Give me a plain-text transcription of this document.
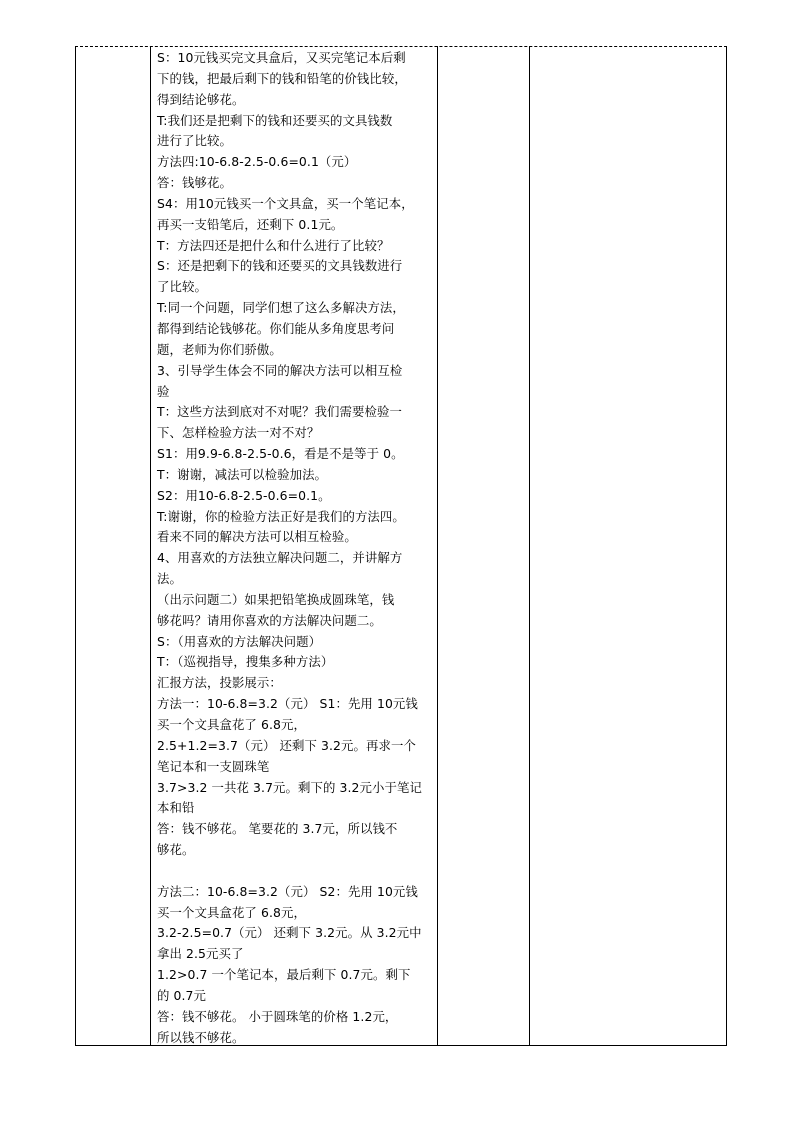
S：10元钱买完文具盒后，又买完笔记本后剩

下的钱，把最后剩下的钱和铅笔的价钱比较，

得到结论够花。

T:我们还是把剩下的钱和还要买的文具钱数

进行了比较。

方法四:10-6.8-2.5-0.6=0.1（元）

答：钱够花。

S4：用10元钱买一个文具盒，买一个笔记本，

再买一支铅笔后，还剩下 0.1元。

T：方法四还是把什么和什么进行了比较？

S：还是把剩下的钱和还要买的文具钱数进行

了比较。

T:同一个问题，同学们想了这么多解决方法，

都得到结论钱够花。你们能从多角度思考问

题，老师为你们骄傲。

3、引导学生体会不同的解决方法可以相互检

验

T：这些方法到底对不对呢？我们需要检验一

下、怎样检验方法一对不对？

S1：用9.9-6.8-2.5-0.6，看是不是等于 0。

T：谢谢，减法可以检验加法。

S2：用10-6.8-2.5-0.6=0.1。

T:谢谢，你的检验方法正好是我们的方法四。

看来不同的解决方法可以相互检验。

4、用喜欢的方法独立解决问题二，并讲解方

法。

（出示问题二）如果把铅笔换成圆珠笔，钱

够花吗？请用你喜欢的方法解决问题二。

S：（用喜欢的方法解决问题）

T：（巡视指导，搜集多种方法）

汇报方法，投影展示：

方法一：10-6.8=3.2（元） S1：先用 10元钱

买一个文具盒花了 6.8元，

2.5+1.2=3.7（元） 还剩下 3.2元。再求一个

笔记本和一支圆珠笔

3.7>3.2 一共花 3.7元。剩下的 3.2元小于笔记

本和铅

答：钱不够花。 笔要花的 3.7元，所以钱不

够花。

方法二：10-6.8=3.2（元） S2：先用 10元钱

买一个文具盒花了 6.8元，

3.2-2.5=0.7（元） 还剩下 3.2元。从 3.2元中

拿出 2.5元买了

1.2>0.7 一个笔记本，最后剩下 0.7元。剩下

的 0.7元

答：钱不够花。 小于圆珠笔的价格 1.2元，

所以钱不够花。
